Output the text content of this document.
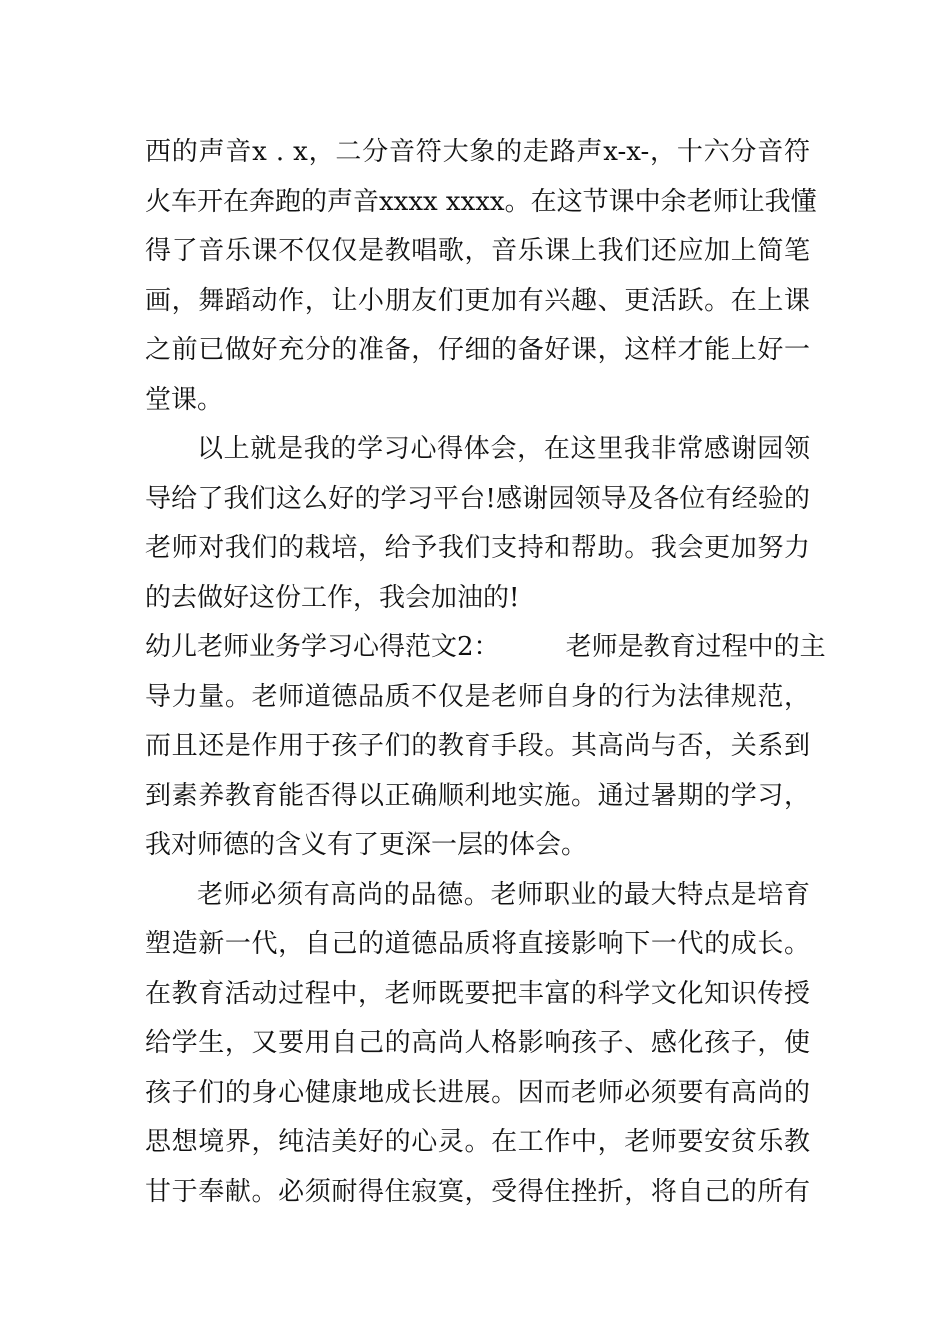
西的声音x . x，二分音符大象的走路声x-x-，十六分音符
火车开在奔跑的声音xxxx xxxx。在这节课中余老师让我懂
得了音乐课不仅仅是教唱歌，音乐课上我们还应加上简笔
画，舞蹈动作，让小朋友们更加有兴趣、更活跃。在上课
之前已做好充分的准备，仔细的备好课，这样才能上好一
堂课。
以上就是我的学习心得体会，在这里我非常感谢园领
导给了我们这么好的学习平台!感谢园领导及各位有经验的
老师对我们的栽培，给予我们支持和帮助。我会更加努力
的去做好这份工作，我会加油的!
幼儿老师业务学习心得范文2：        老师是教育过程中的主
导力量。老师道德品质不仅是老师自身的行为法律规范，
而且还是作用于孩子们的教育手段。其高尚与否，关系到
到素养教育能否得以正确顺利地实施。通过暑期的学习，
我对师德的含义有了更深一层的体会。
老师必须有高尚的品德。老师职业的最大特点是培育
塑造新一代，自己的道德品质将直接影响下一代的成长。
在教育活动过程中，老师既要把丰富的科学文化知识传授
给学生，又要用自己的高尚人格影响孩子、感化孩子，使
孩子们的身心健康地成长进展。因而老师必须要有高尚的
思想境界，纯洁美好的心灵。在工作中，老师要安贫乐教
甘于奉献。必须耐得住寂寞，受得住挫折，将自己的所有
